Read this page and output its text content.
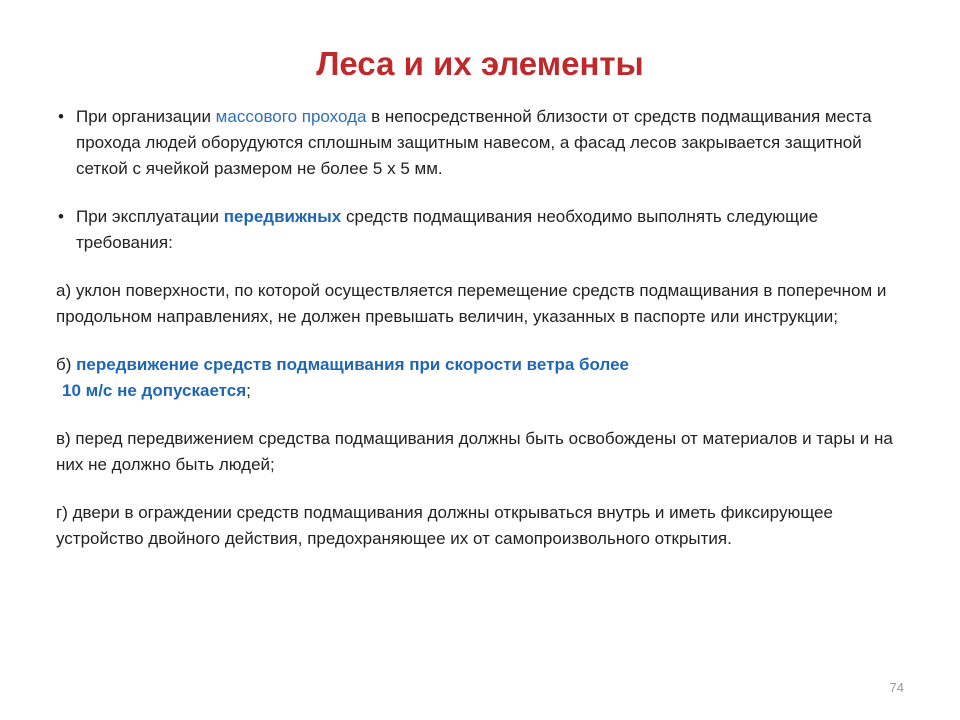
Леса и их элементы
• При организации массового прохода в непосредственной близости от средств подмащивания места прохода людей оборудуются сплошным защитным навесом, а фасад лесов закрывается защитной сеткой с ячейкой размером не более 5 х 5 мм.
• При эксплуатации передвижных средств подмащивания необходимо выполнять следующие требования:

а) уклон поверхности, по которой осуществляется перемещение средств подмащивания в поперечном и продольном направлениях, не должен превышать величин, указанных в паспорте или инструкции;

б) передвижение средств подмащивания при скорости ветра более
10 м/с не допускается;

в) перед передвижением средства подмащивания должны быть освобождены от материалов и тары и на них не должно быть людей;

г) двери в ограждении средств подмащивания должны открываться внутрь и иметь фиксирующее устройство двойного действия, предохраняющее их от самопроизвольного открытия.

74
